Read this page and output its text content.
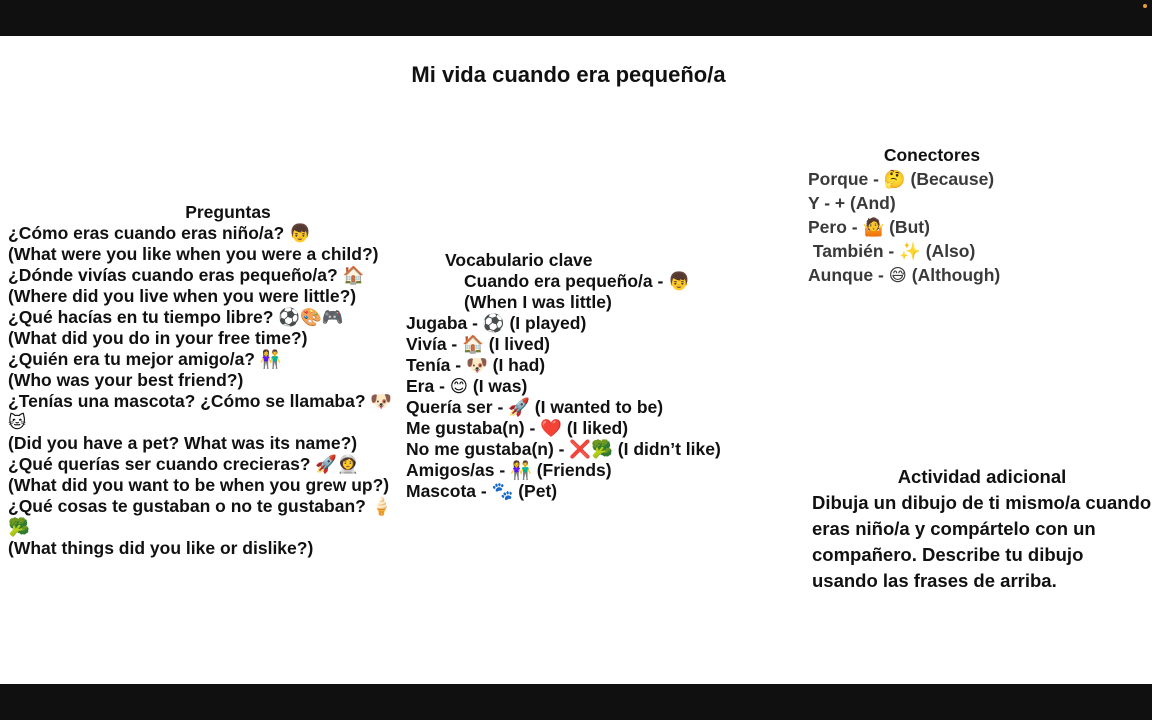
Mi vida cuando era pequeño/a
Preguntas
¿Cómo eras cuando eras niño/a? 👦
(What were you like when you were a child?)
¿Dónde vivías cuando eras pequeño/a? 🏠
(Where did you live when you were little?)
¿Qué hacías en tu tiempo libre? ⚽🎨🎮
(What did you do in your free time?)
¿Quién era tu mejor amigo/a? 👫
(Who was your best friend?)
¿Tenías una mascota? ¿Cómo se llamaba? 🐶🐱
(Did you have a pet? What was its name?)
¿Qué querías ser cuando crecieras? 🚀👩‍🚀
(What did you want to be when you grew up?)
¿Qué cosas te gustaban o no te gustaban? 🍦🥦
(What things did you like or dislike?)
Vocabulario clave
Cuando era pequeño/a - 👦
(When I was little)
Jugaba - ⚽ (I played)
Vivía - 🏠 (I lived)
Tenía - 🐶 (I had)
Era - 😊 (I was)
Quería ser - 🚀 (I wanted to be)
Me gustaba(n) - ❤️ (I liked)
No me gustaba(n) - ❌🥦 (I didn’t like)
Amigos/as - 👫 (Friends)
Mascota - 🐾 (Pet)
Conectores
Porque - 🤔 (Because)
Y - + (And)
Pero - 🤷 (But)
También - ✨ (Also)
Aunque - 😅 (Although)
Actividad adicional
Dibuja un dibujo de ti mismo/a cuando eras niño/a y compártelo con un compañero. Describe tu dibujo usando las frases de arriba.
